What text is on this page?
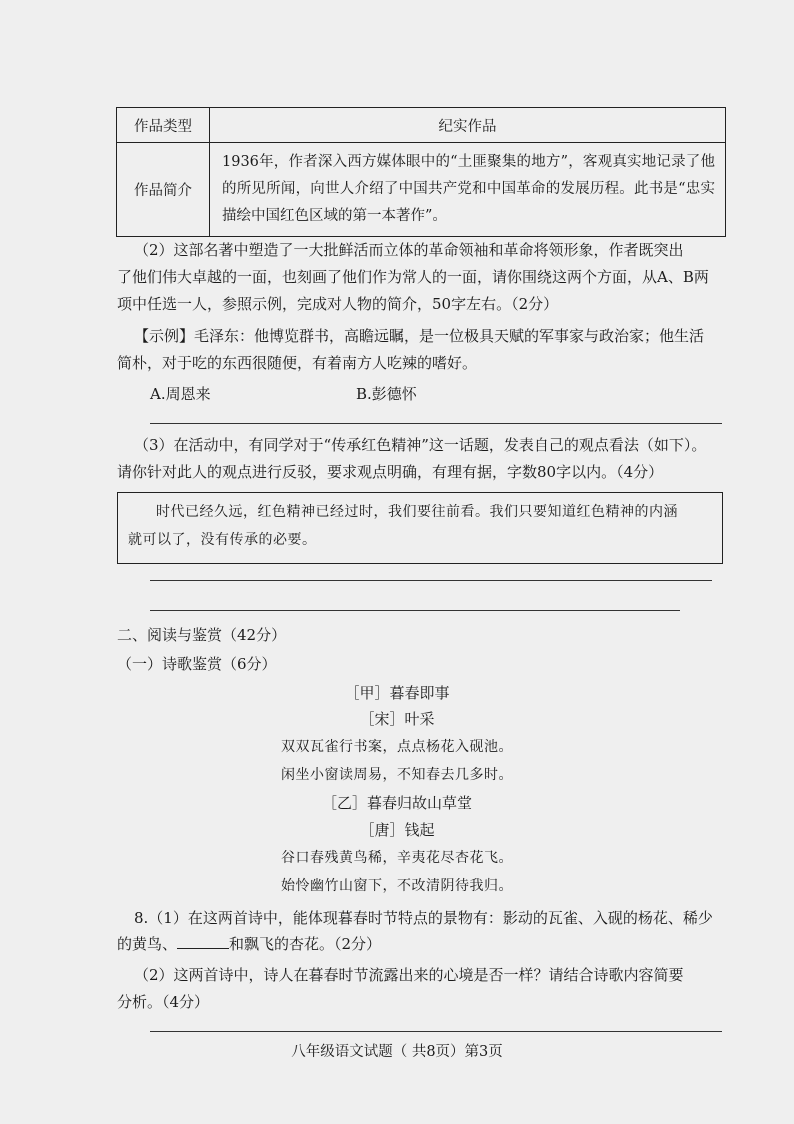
作品类型	纪实作品
作品简介	1936年，作者深入西方媒体眼中的“土匪聚集的地方”，客观真实地记录了他的所见所闻，向世人介绍了中国共产党和中国革命的发展历程。此书是“忠实描绘中国红色区域的第一本著作”。
（2）这部名著中塑造了一大批鲜活而立体的革命领袖和革命将领形象，作者既突出
了他们伟大卓越的一面，也刻画了他们作为常人的一面，请你围绕这两个方面，从A、B两
项中任选一人，参照示例，完成对人物的简介，50字左右。（2分）
【示例】毛泽东：他博览群书，高瞻远瞩，是一位极具天赋的军事家与政治家；他生活
简朴，对于吃的东西很随便，有着南方人吃辣的嗜好。
A.周恩来	B.彭德怀
（3）在活动中，有同学对于“传承红色精神”这一话题，发表自己的观点看法（如下）。
请你针对此人的观点进行反驳，要求观点明确，有理有据，字数80字以内。（4分）
时代已经久远，红色精神已经过时，我们要往前看。我们只要知道红色精神的内涵
就可以了，没有传承的必要。
二、阅读与鉴赏（42分）
（一）诗歌鉴赏（6分）
［甲］暮春即事
［宋］叶采
双双瓦雀行书案，点点杨花入砚池。
闲坐小窗读周易，不知春去几多时。
［乙］暮春归故山草堂
［唐］钱起
谷口春残黄鸟稀，辛夷花尽杏花飞。
始怜幽竹山窗下，不改清阴待我归。
8.（1）在这两首诗中，能体现暮春时节特点的景物有：影动的瓦雀、入砚的杨花、稀少
的黄鸟、	和飘飞的杏花。（2分）
（2）这两首诗中，诗人在暮春时节流露出来的心境是否一样？请结合诗歌内容简要
分析。（4分）
八年级语文试题（ 共8页）第3页
